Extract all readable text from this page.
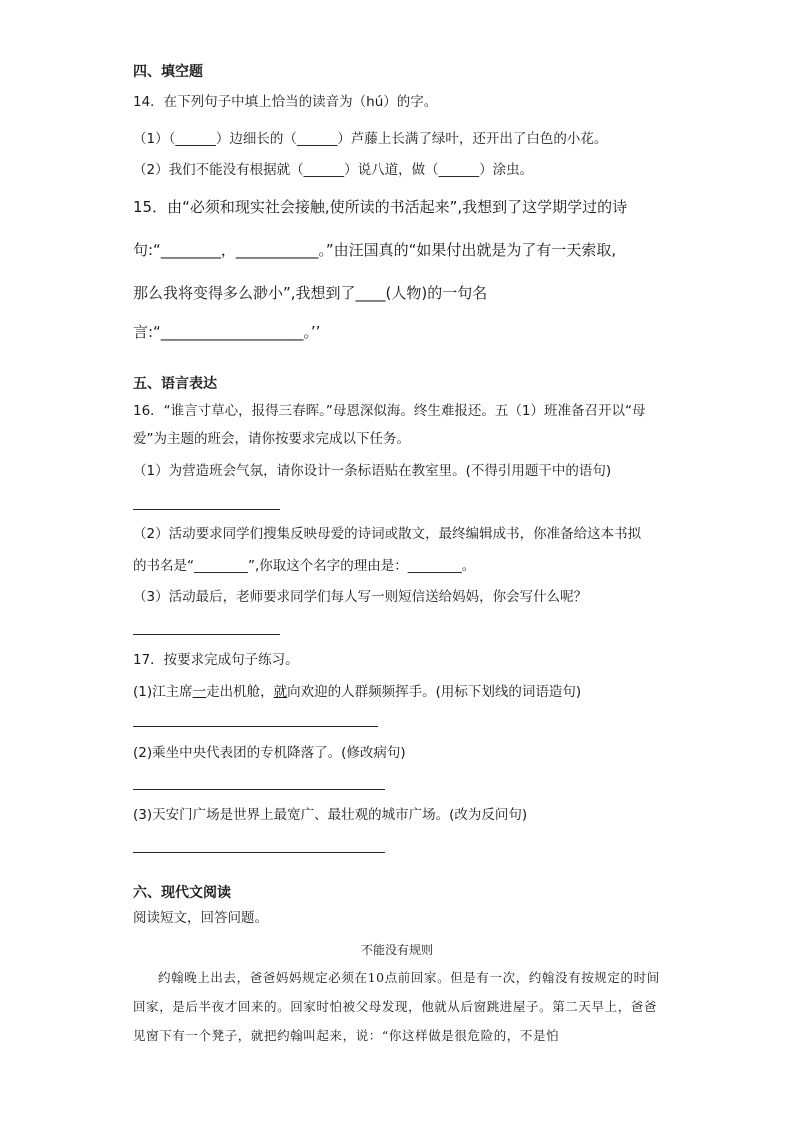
四、填空题
14．在下列句子中填上恰当的读音为（hú）的字。
（1）（______）边细长的（______）芦藤上长满了绿叶，还开出了白色的小花。
（2）我们不能没有根据就（______）说八道，做（______）涂虫。
15．由“必须和现实社会接触,使所读的书活起来”,我想到了这学期学过的诗
句:“________，___________。”由汪国真的“如果付出就是为了有一天索取,
那么我将变得多么渺小”,我想到了____(人物)的一句名
言:“___________________。’’
五、语言表达
16．“谁言寸草心，报得三春晖。”母恩深似海。终生难报还。五（1）班准备召开以“母
爱”为主题的班会，请你按要求完成以下任务。
（1）为营造班会气氛，请你设计一条标语贴在教室里。(不得引用题干中的语句)
（2）活动要求同学们搜集反映母爱的诗词或散文，最终编辑成书，你准备给这本书拟
的书名是“________”,你取这个名字的理由是：________。
（3）活动最后，老师要求同学们每人写一则短信送给妈妈，你会写什么呢？
17．按要求完成句子练习。
(1)江主席一走出机舱，就向欢迎的人群频频挥手。(用标下划线的词语造句)
(2)乘坐中央代表团的专机降落了。(修改病句)
(3)天安门广场是世界上最宽广、最壮观的城市广场。(改为反问句)
六、现代文阅读
阅读短文，回答问题。
不能没有规则
约翰晚上出去，爸爸妈妈规定必须在10点前回家。但是有一次，约翰没有按规定的时间回家，是后半夜才回来的。回家时怕被父母发现，他就从后窗跳进屋子。第二天早上，爸爸见窗下有一个凳子，就把约翰叫起来，说：“你这样做是很危险的，不是怕
